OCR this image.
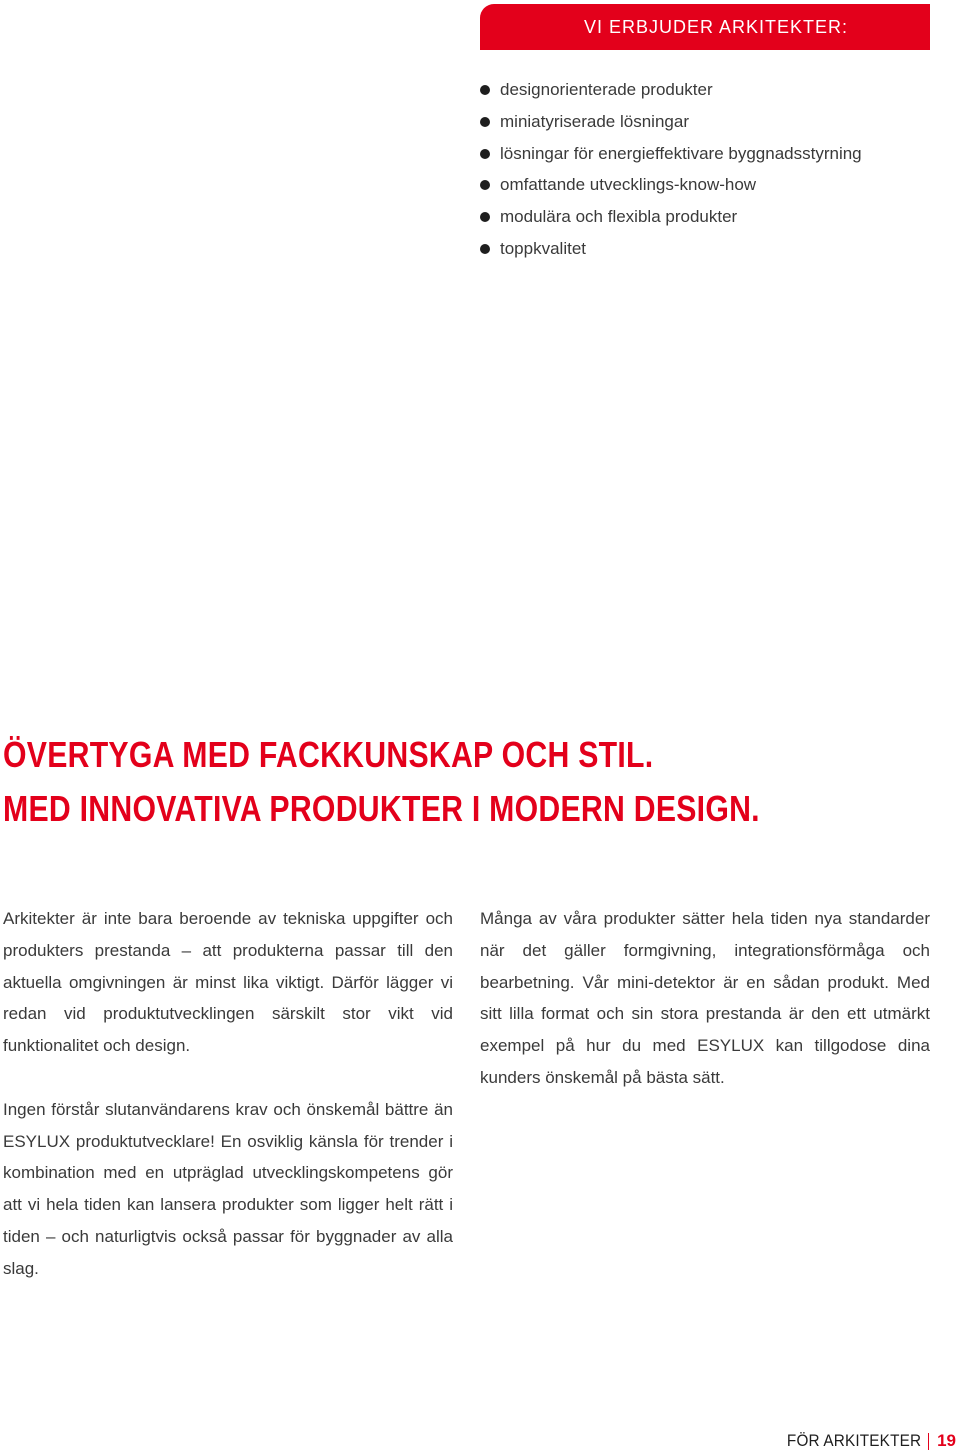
VI ERBJUDER ARKITEKTER:
designorienterade produkter
miniatyriserade lösningar
lösningar för energieffektivare byggnadsstyrning
omfattande utvecklings-know-how
modulära och flexibla produkter
toppkvalitet
ÖVERTYGA MED FACKKUNSKAP OCH STIL.
MED INNOVATIVA PRODUKTER I MODERN DESIGN.

Arkitekter är inte bara beroende av tekniska uppgifter och produkters prestanda – att produkterna passar till den aktuella omgivningen är minst lika viktigt. Därför lägger vi redan vid produktutvecklingen särskilt stor vikt vid funktionalitet och design.

Ingen förstår slutanvändarens krav och önskemål bättre än ESYLUX produktutvecklare! En osviklig känsla för trender i kombination med en utpräglad utvecklingskompetens gör att vi hela tiden kan lansera produkter som ligger helt rätt i tiden – och naturligtvis också passar för byggnader av alla slag.

Många av våra produkter sätter hela tiden nya standarder när det gäller formgivning, integrationsförmåga och bearbetning. Vår mini-detektor är en sådan produkt. Med sitt lilla format och sin stora prestanda är den ett utmärkt exempel på hur du med ESYLUX kan tillgodose dina kunders önskemål på bästa sätt.

FÖR ARKITEKTER 19
